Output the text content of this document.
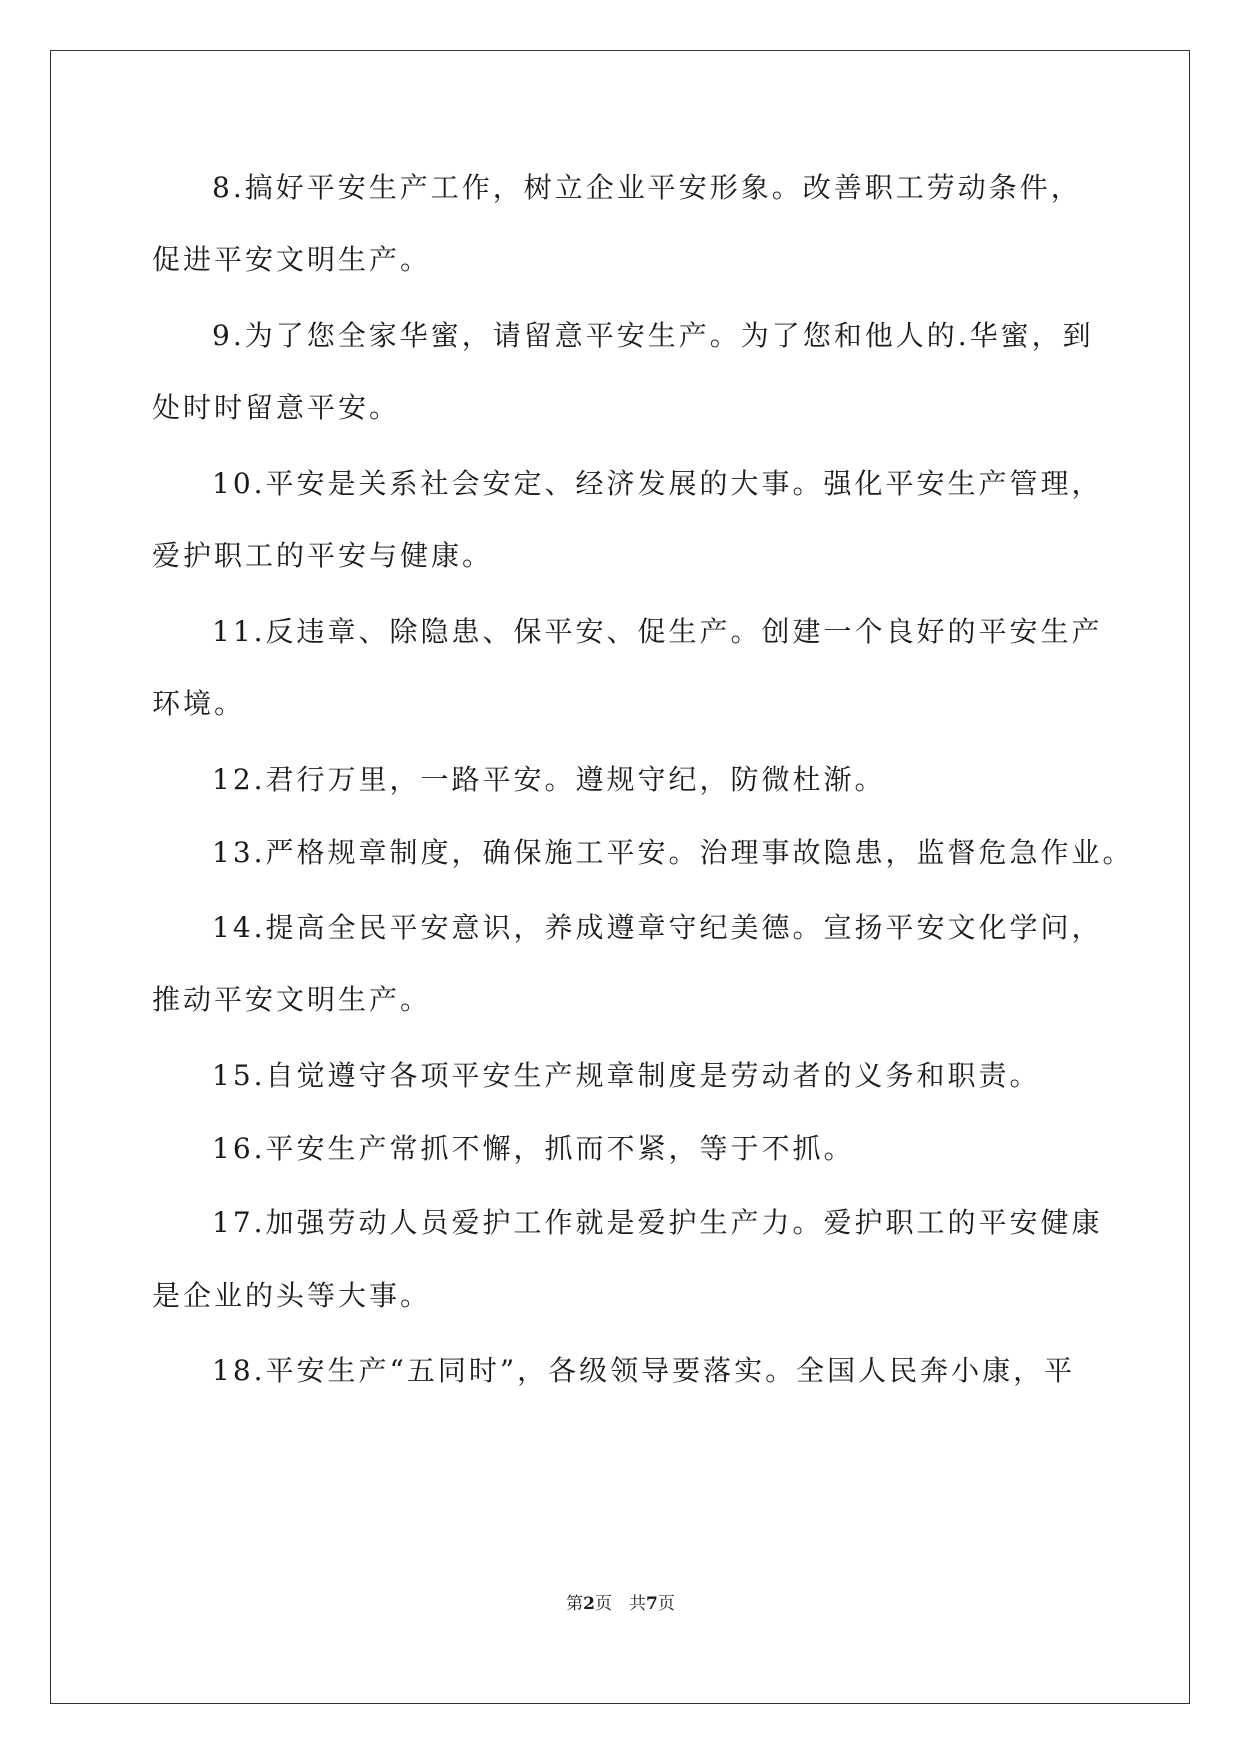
8.搞好平安生产工作，树立企业平安形象。改善职工劳动条件，
促进平安文明生产。
9.为了您全家华蜜，请留意平安生产。为了您和他人的.华蜜，到
处时时留意平安。
10.平安是关系社会安定、经济发展的大事。强化平安生产管理，
爱护职工的平安与健康。
11.反违章、除隐患、保平安、促生产。创建一个良好的平安生产
环境。
12.君行万里，一路平安。遵规守纪，防微杜渐。
13.严格规章制度，确保施工平安。治理事故隐患，监督危急作业。
14.提高全民平安意识，养成遵章守纪美德。宣扬平安文化学问，
推动平安文明生产。
15.自觉遵守各项平安生产规章制度是劳动者的义务和职责。
16.平安生产常抓不懈，抓而不紧，等于不抓。
17.加强劳动人员爱护工作就是爱护生产力。爱护职工的平安健康
是企业的头等大事。
18.平安生产“五同时”，各级领导要落实。全国人民奔小康，平
第2页　共7页
